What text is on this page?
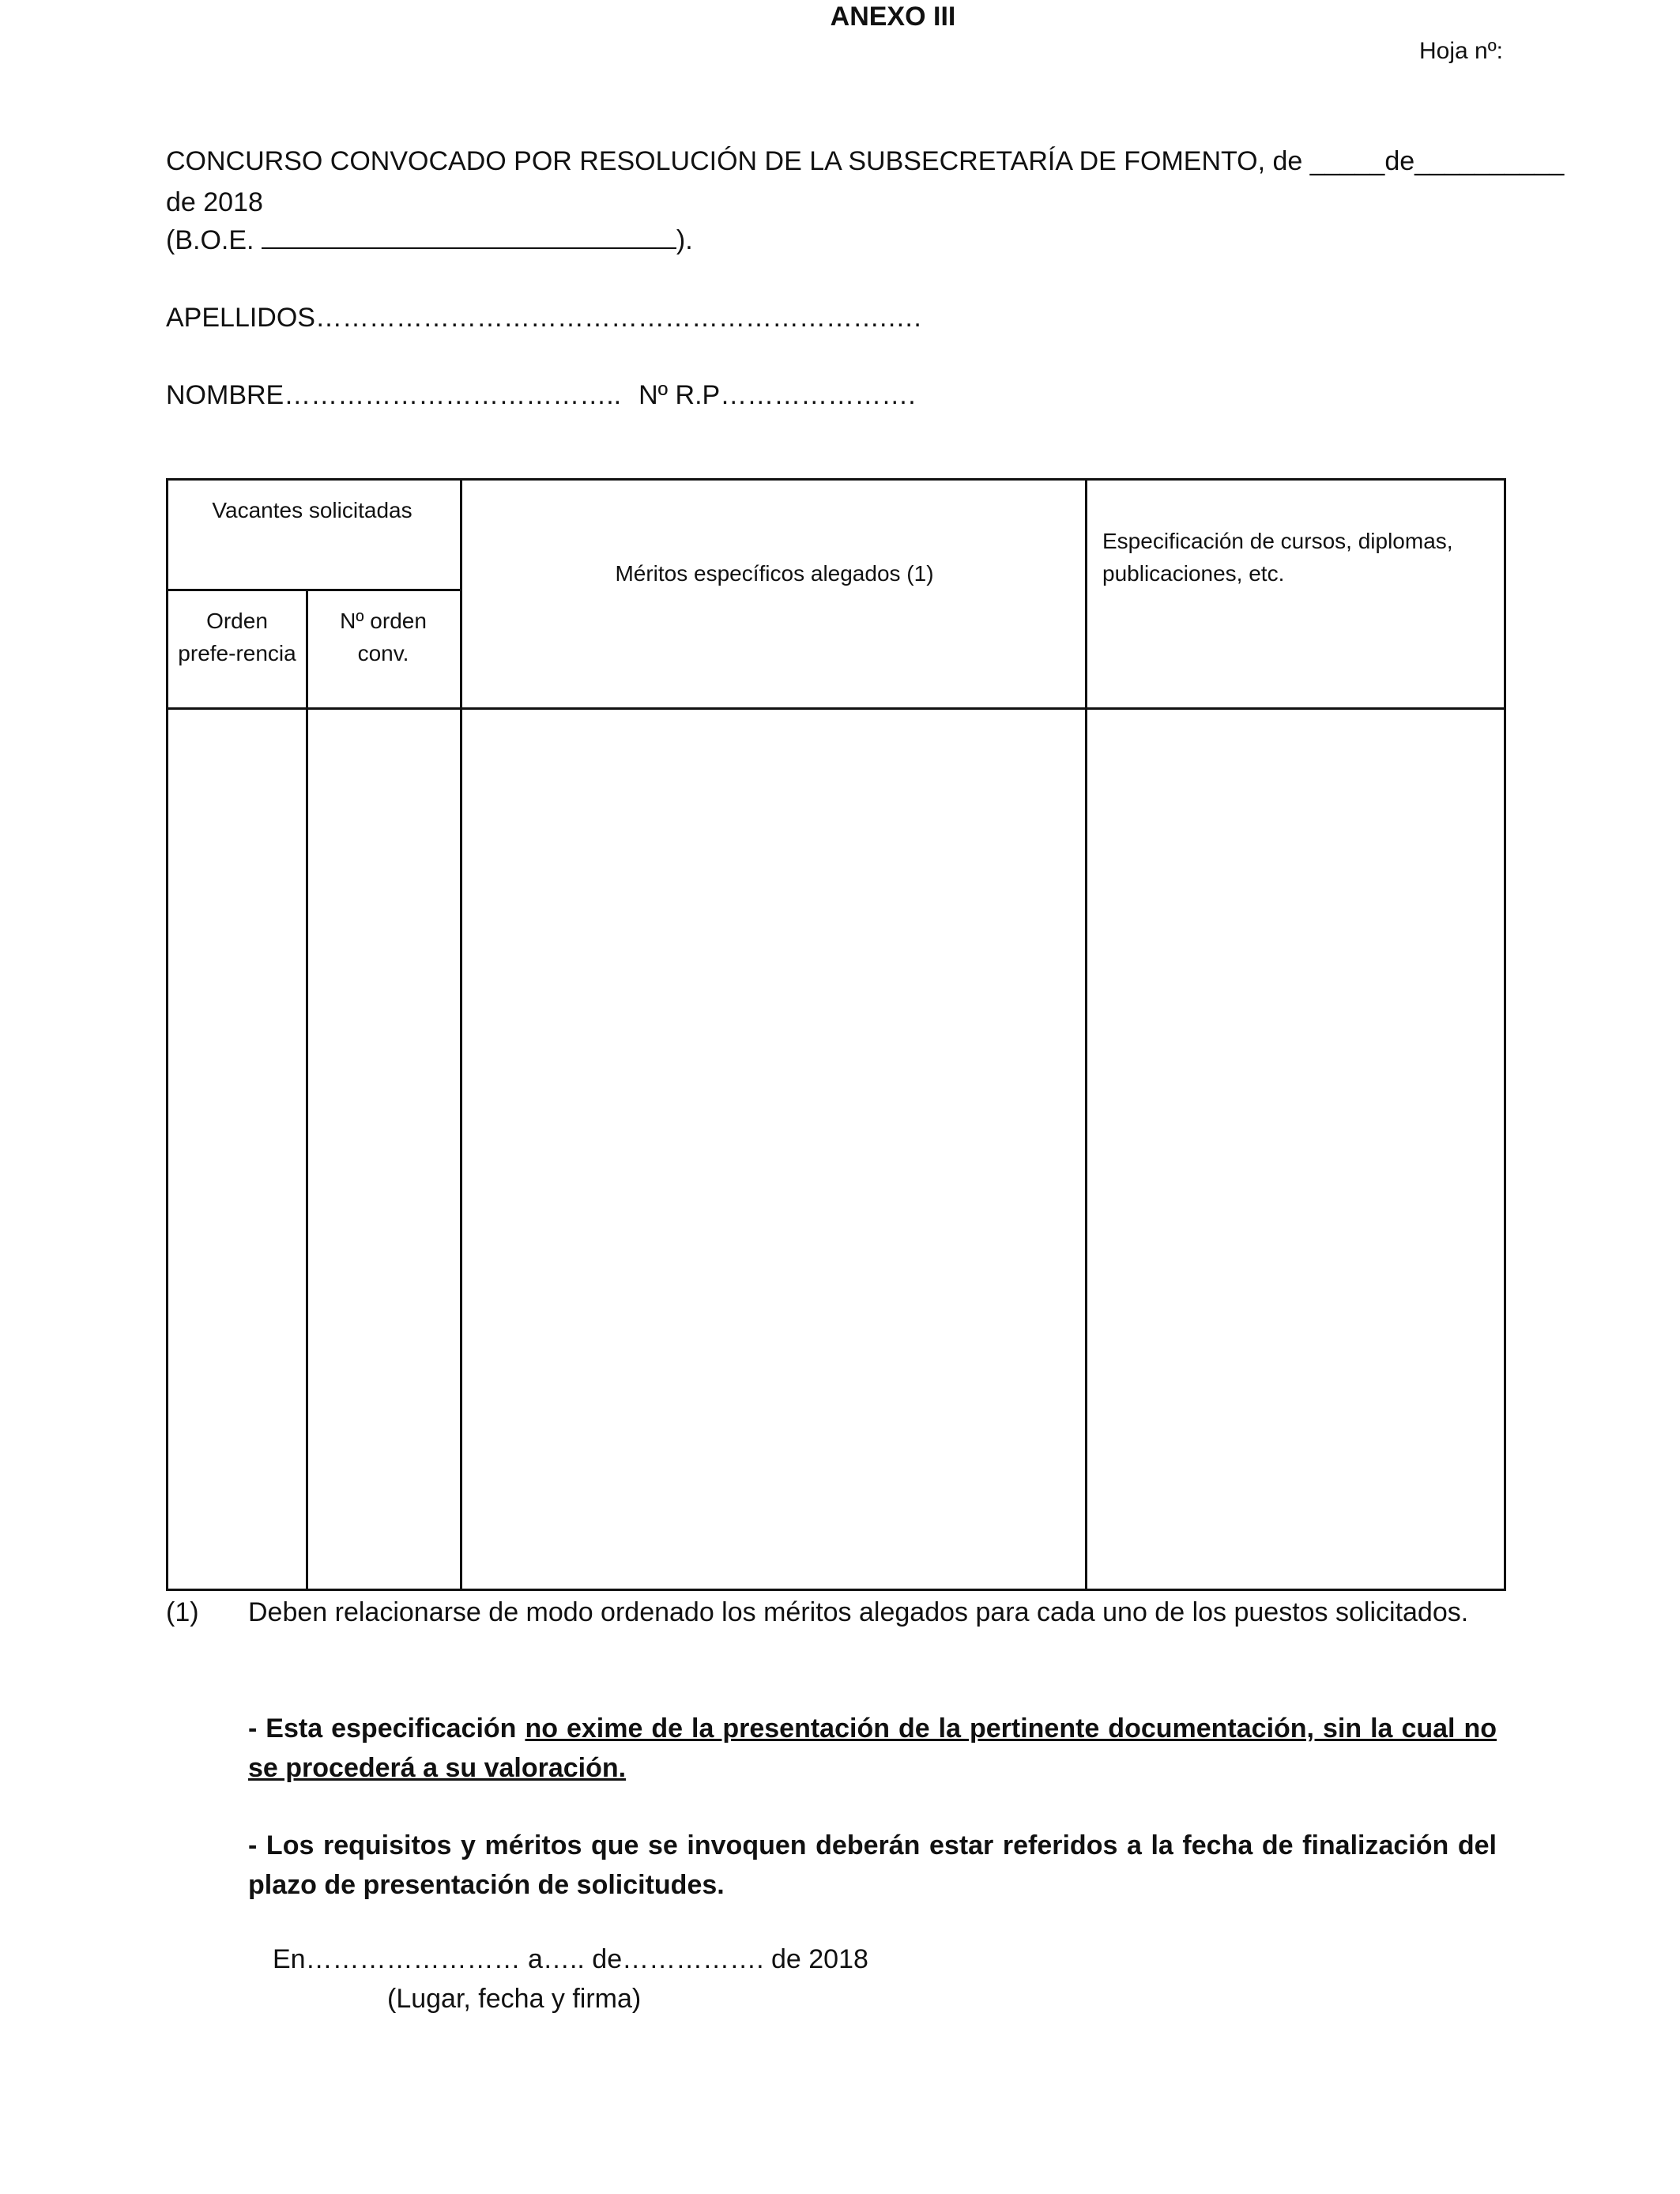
ANEXO III
Hoja nº:
CONCURSO CONVOCADO POR RESOLUCIÓN DE LA SUBSECRETARÍA DE FOMENTO, de _____de__________
de 2018
(B.O.E.	).
APELLIDOS……………………………………………………….….
NOMBRE……………………………….. Nº R.P………………….
Vacantes solicitadas
Orden prefe-rencia
Nº orden conv.
Méritos específicos alegados (1)
Especificación de cursos, diplomas, publicaciones, etc.
(1) Deben relacionarse de modo ordenado los méritos alegados para cada uno de los puestos solicitados.
- Esta especificación no exime de la presentación de la pertinente documentación, sin la cual no se procederá a su valoración.
- Los requisitos y méritos que se invoquen deberán estar referidos a la fecha de finalización del plazo de presentación de solicitudes.
En…………………… a….. de……………. de 2018
(Lugar, fecha y firma)
